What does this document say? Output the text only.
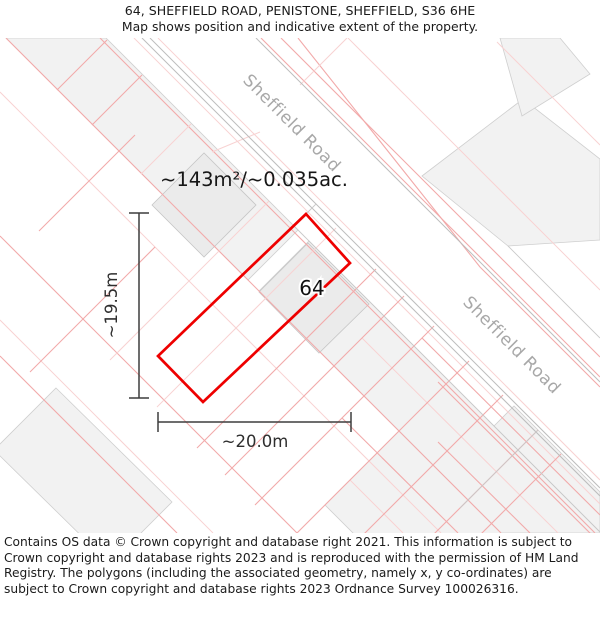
64, SHEFFIELD ROAD, PENISTONE, SHEFFIELD, S36 6HE
Map shows position and indicative extent of the property.
Sheffield Road
Sheffield Road
~143m²/~0.035ac.
64
~19.5m
~20.0m
Contains OS data © Crown copyright and database right 2021. This information is subject to Crown copyright and database rights 2023 and is reproduced with the permission of HM Land Registry. The polygons (including the associated geometry, namely x, y co-ordinates) are subject to Crown copyright and database rights 2023 Ordnance Survey 100026316.
